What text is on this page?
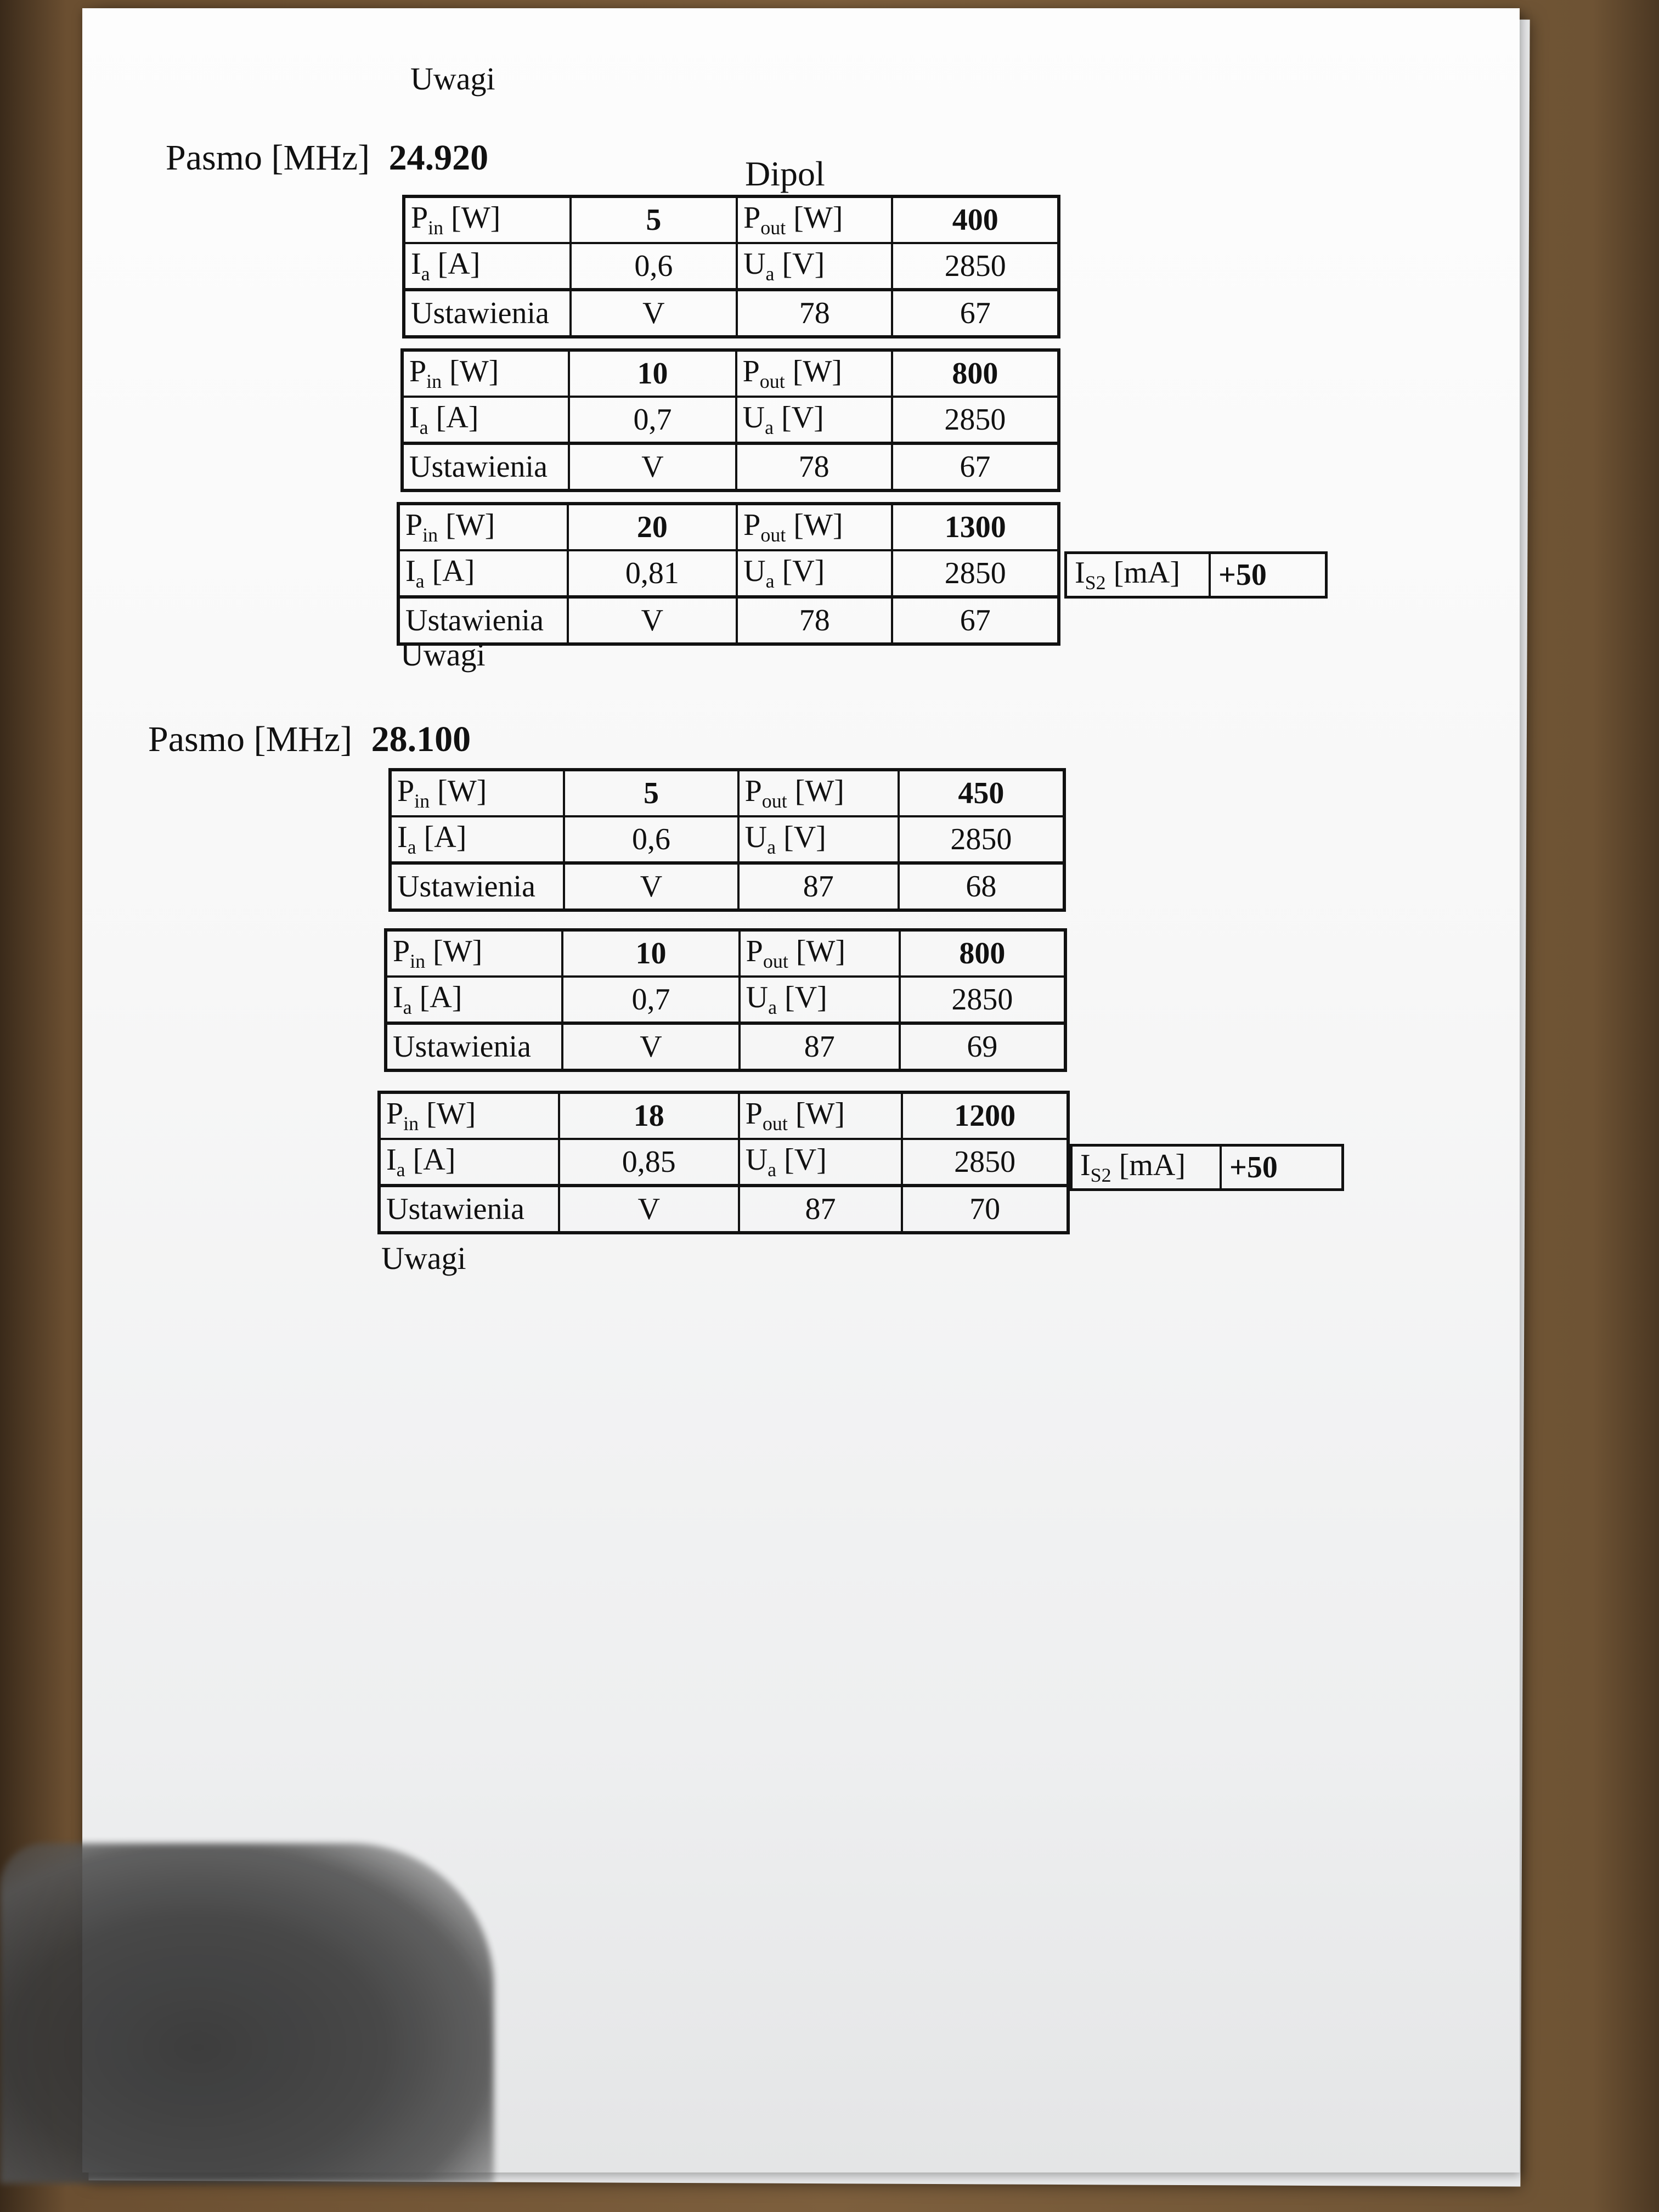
Uwagi
Pasmo [MHz] 24.920	Dipol
$P_{in}$ [W]	5	$P_{out}$ [W]	400
$I_a$ [A]	0,6	$U_a$ [V]	2850
Ustawienia	V	78	67
$P_{in}$ [W]	10	$P_{out}$ [W]	800
$I_a$ [A]	0,7	$U_a$ [V]	2850
Ustawienia	V	78	67
$P_{in}$ [W]	20	$P_{out}$ [W]	1300
$I_a$ [A]	0,81	$U_a$ [V]	2850
Ustawienia	V	78	67
$I_{S2}$ [mA]	+50
Uwagi
Pasmo [MHz] 28.100
$P_{in}$ [W]	5	$P_{out}$ [W]	450
$I_a$ [A]	0,6	$U_a$ [V]	2850
Ustawienia	V	87	68
$P_{in}$ [W]	10	$P_{out}$ [W]	800
$I_a$ [A]	0,7	$U_a$ [V]	2850
Ustawienia	V	87	69
$P_{in}$ [W]	18	$P_{out}$ [W]	1200
$I_a$ [A]	0,85	$U_a$ [V]	2850
Ustawienia	V	87	70
$I_{S2}$ [mA]	+50
Uwagi
